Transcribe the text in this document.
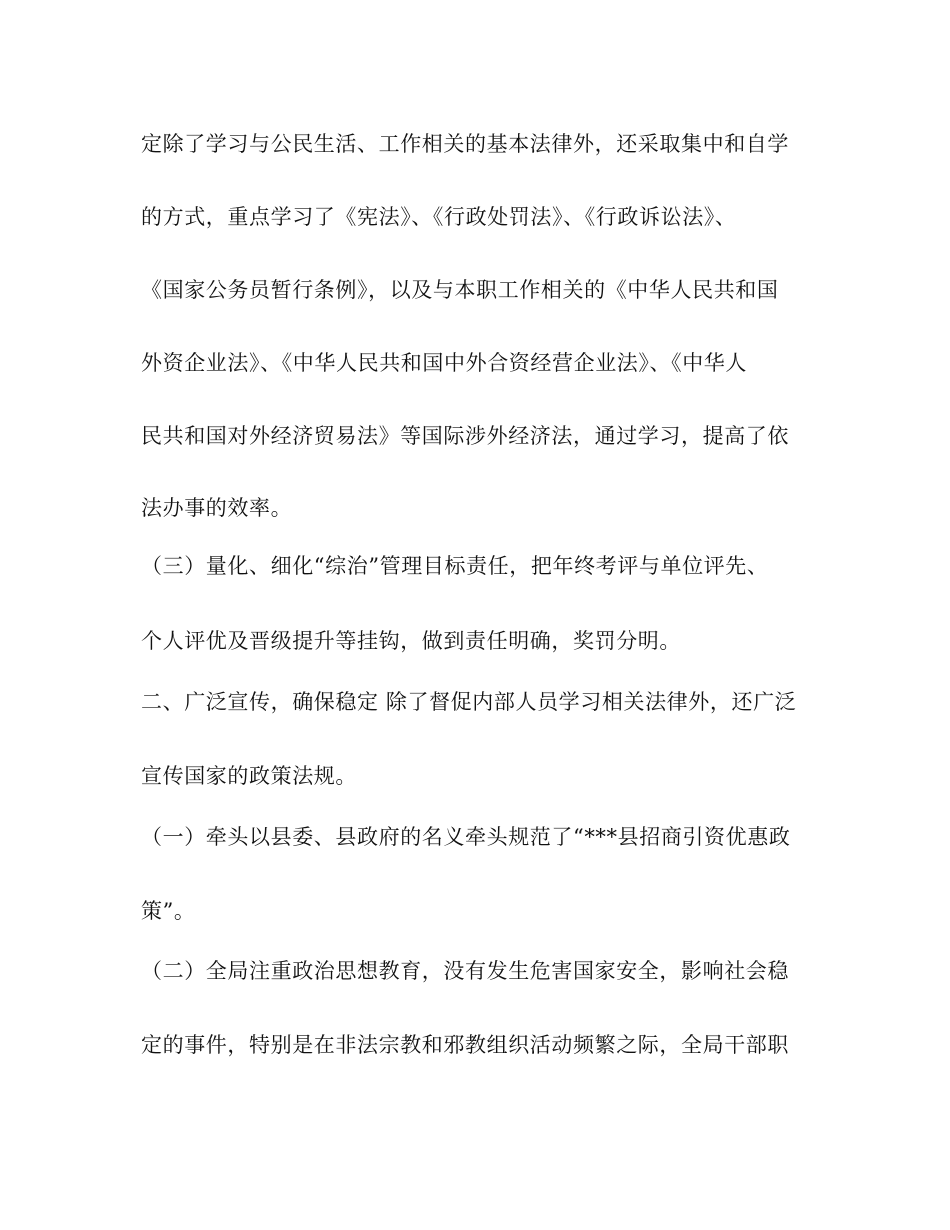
定除了学习与公民生活、工作相关的基本法律外，还采取集中和自学
的方式，重点学习了《宪法》、《行政处罚法》、《行政诉讼法》、
《国家公务员暂行条例》，以及与本职工作相关的《中华人民共和国
外资企业法》、《中华人民共和国中外合资经营企业法》、《中华人
民共和国对外经济贸易法》等国际涉外经济法，通过学习，提高了依
法办事的效率。
（三）量化、细化“综治”管理目标责任，把年终考评与单位评先、
个人评优及晋级提升等挂钩，做到责任明确，奖罚分明。
二、广泛宣传，确保稳定 除了督促内部人员学习相关法律外，还广泛
宣传国家的政策法规。
（一）牵头以县委、县政府的名义牵头规范了“***县招商引资优惠政
策”。
（二）全局注重政治思想教育，没有发生危害国家安全，影响社会稳
定的事件，特别是在非法宗教和邪教组织活动频繁之际，全局干部职
